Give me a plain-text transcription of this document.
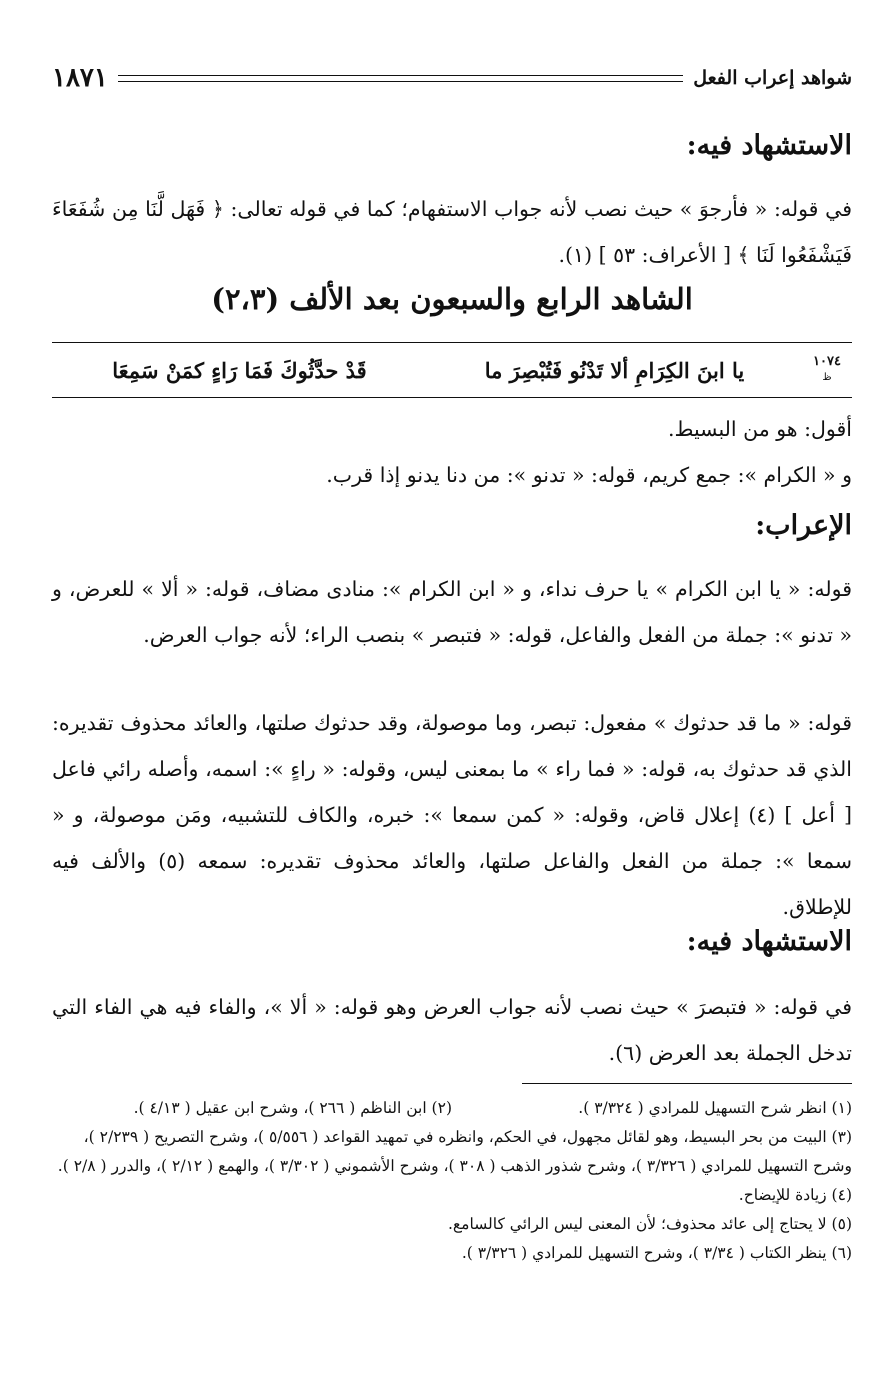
شواهد إعراب الفعل
١٨٧١
الاستشهاد فيه:
في قوله: « فأرجوَ » حيث نصب لأنه جواب الاستفهام؛ كما في قوله تعالى: ﴿ فَهَل لَّنَا مِن شُفَعَاءَ فَيَشْفَعُوا لَنَا ﴾ [ الأعراف: ٥٣ ] (١).
الشاهد الرابع والسبعون بعد الألف (٢،٣)
١٠٧٤
ظ
يا ابنَ الكِرَامِ ألا تَدْنُو فَتُبْصِرَ ما
قَدْ حدَّثُوكَ فَمَا رَاءٍ كمَنْ سَمِعَا
أقول: هو من البسيط.
و « الكرام »: جمع كريم، قوله: « تدنو »: من دنا يدنو إذا قرب.
الإعراب:
قوله: « يا ابن الكرام » يا حرف نداء، و « ابن الكرام »: منادى مضاف، قوله: « ألا » للعرض، و « تدنو »: جملة من الفعل والفاعل، قوله: « فتبصر » بنصب الراء؛ لأنه جواب العرض.
قوله: « ما قد حدثوك » مفعول: تبصر، وما موصولة، وقد حدثوك صلتها، والعائد محذوف تقديره: الذي قد حدثوك به، قوله: « فما راء » ما بمعنى ليس، وقوله: « راءٍ »: اسمه، وأصله رائي فاعل [ أعل ] (٤) إعلال قاض، وقوله: « كمن سمعا »: خبره، والكاف للتشبيه، ومَن موصولة، و « سمعا »: جملة من الفعل والفاعل صلتها، والعائد محذوف تقديره: سمعه (٥) والألف فيه للإطلاق.
الاستشهاد فيه:
في قوله: « فتبصرَ » حيث نصب لأنه جواب العرض وهو قوله: « ألا »، والفاء فيه هي الفاء التي تدخل الجملة بعد العرض (٦).
(١) انظر شرح التسهيل للمرادي ( ٣/٣٢٤ ).
(٢) ابن الناظم ( ٢٦٦ )، وشرح ابن عقيل ( ٤/١٣ ).
(٣) البيت من بحر البسيط، وهو لقائل مجهول، في الحكم، وانظره في تمهيد القواعد ( ٥/٥٥٦ )، وشرح التصريح ( ٢/٢٣٩ )، وشرح التسهيل للمرادي ( ٣/٣٢٦ )، وشرح شذور الذهب ( ٣٠٨ )، وشرح الأشموني ( ٣/٣٠٢ )، والهمع ( ٢/١٢ )، والدرر ( ٢/٨ ).
(٤) زيادة للإيضاح.
(٥) لا يحتاج إلى عائد محذوف؛ لأن المعنى ليس الرائي كالسامع.
(٦) ينظر الكتاب ( ٣/٣٤ )، وشرح التسهيل للمرادي ( ٣/٣٢٦ ).
